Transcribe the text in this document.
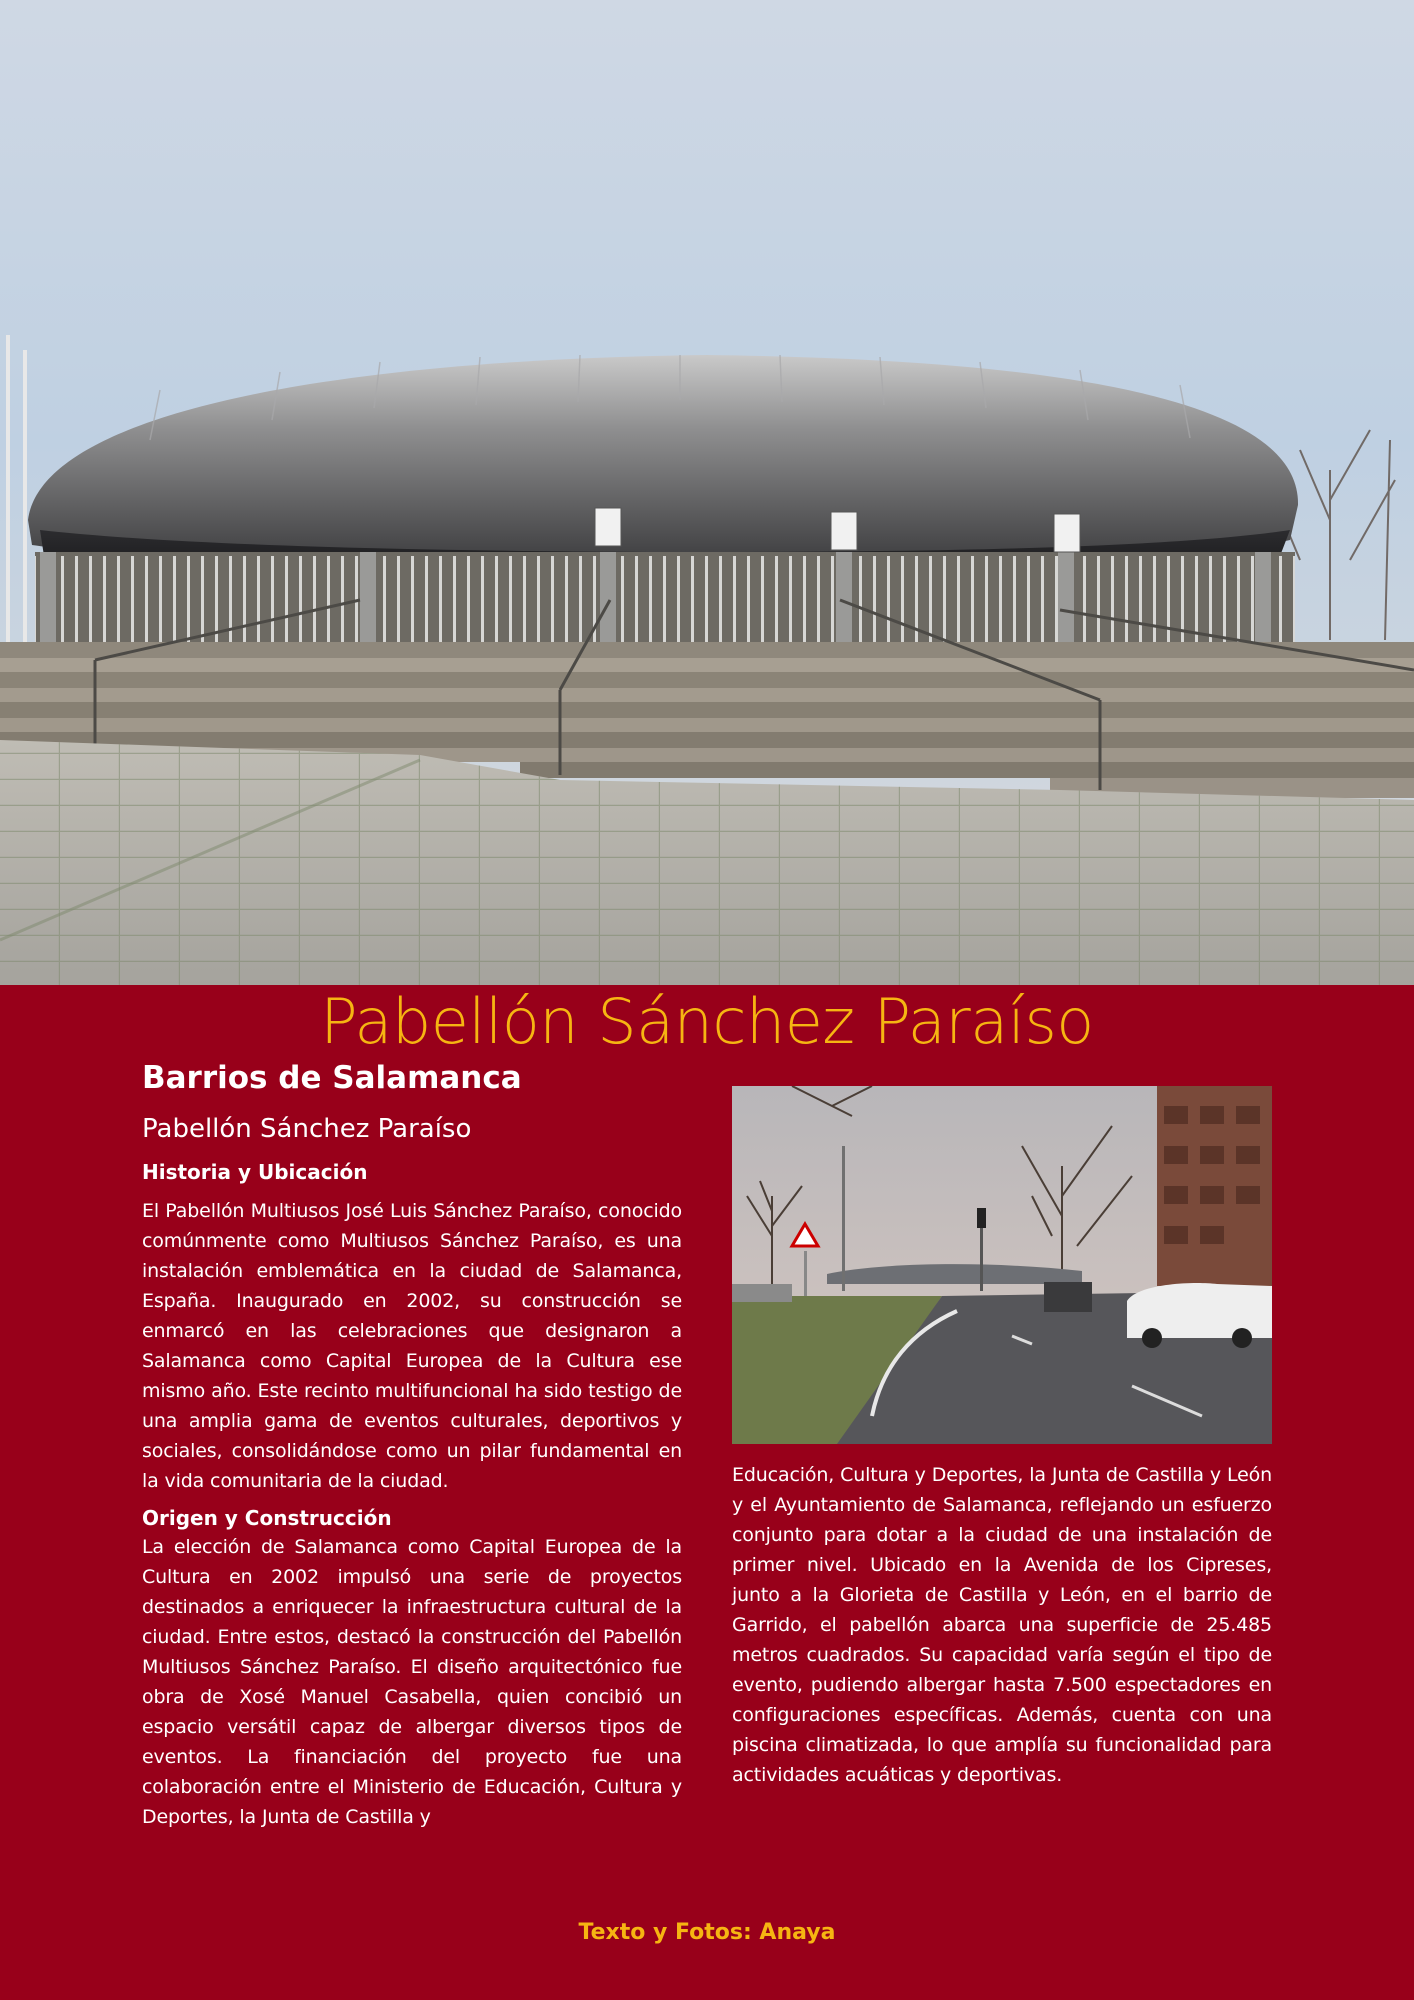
Pabellón Sánchez Paraíso
Barrios de Salamanca
Pabellón Sánchez Paraíso
Historia y Ubicación

El Pabellón Multiusos José Luis Sánchez Paraíso, conocido comúnmente como Multiusos Sánchez Paraíso, es una instalación emblemática en la ciudad de Salamanca, España. Inaugurado en 2002, su construcción se enmarcó en las celebraciones que designaron a Salamanca como Capital Europea de la Cultura ese mismo año. Este recinto multifuncional ha sido testigo de una amplia gama de eventos culturales, deportivos y sociales, consolidándose como un pilar fundamental en la vida comunitaria de la ciudad.

Origen y Construcción

La elección de Salamanca como Capital Europea de la Cultura en 2002 impulsó una serie de proyectos destinados a enriquecer la infraestructura cultural de la ciudad. Entre estos, destacó la construcción del Pabellón Multiusos Sánchez Paraíso. El diseño arquitectónico fue obra de Xosé Manuel Casabella, quien concibió un espacio versátil capaz de albergar diversos tipos de eventos. La financiación del proyecto fue una colaboración entre el Ministerio de Educación, Cultura y Deportes, la Junta de Castilla y

Educación, Cultura y Deportes, la Junta de Castilla y León y el Ayuntamiento de Salamanca, reflejando un esfuerzo conjunto para dotar a la ciudad de una instalación de primer nivel. Ubicado en la Avenida de los Cipreses, junto a la Glorieta de Castilla y León, en el barrio de Garrido, el pabellón abarca una superficie de 25.485 metros cuadrados. Su capacidad varía según el tipo de evento, pudiendo albergar hasta 7.500 espectadores en configuraciones específicas. Además, cuenta con una piscina climatizada, lo que amplía su funcionalidad para actividades acuáticas y deportivas.

Texto y Fotos: Anaya
